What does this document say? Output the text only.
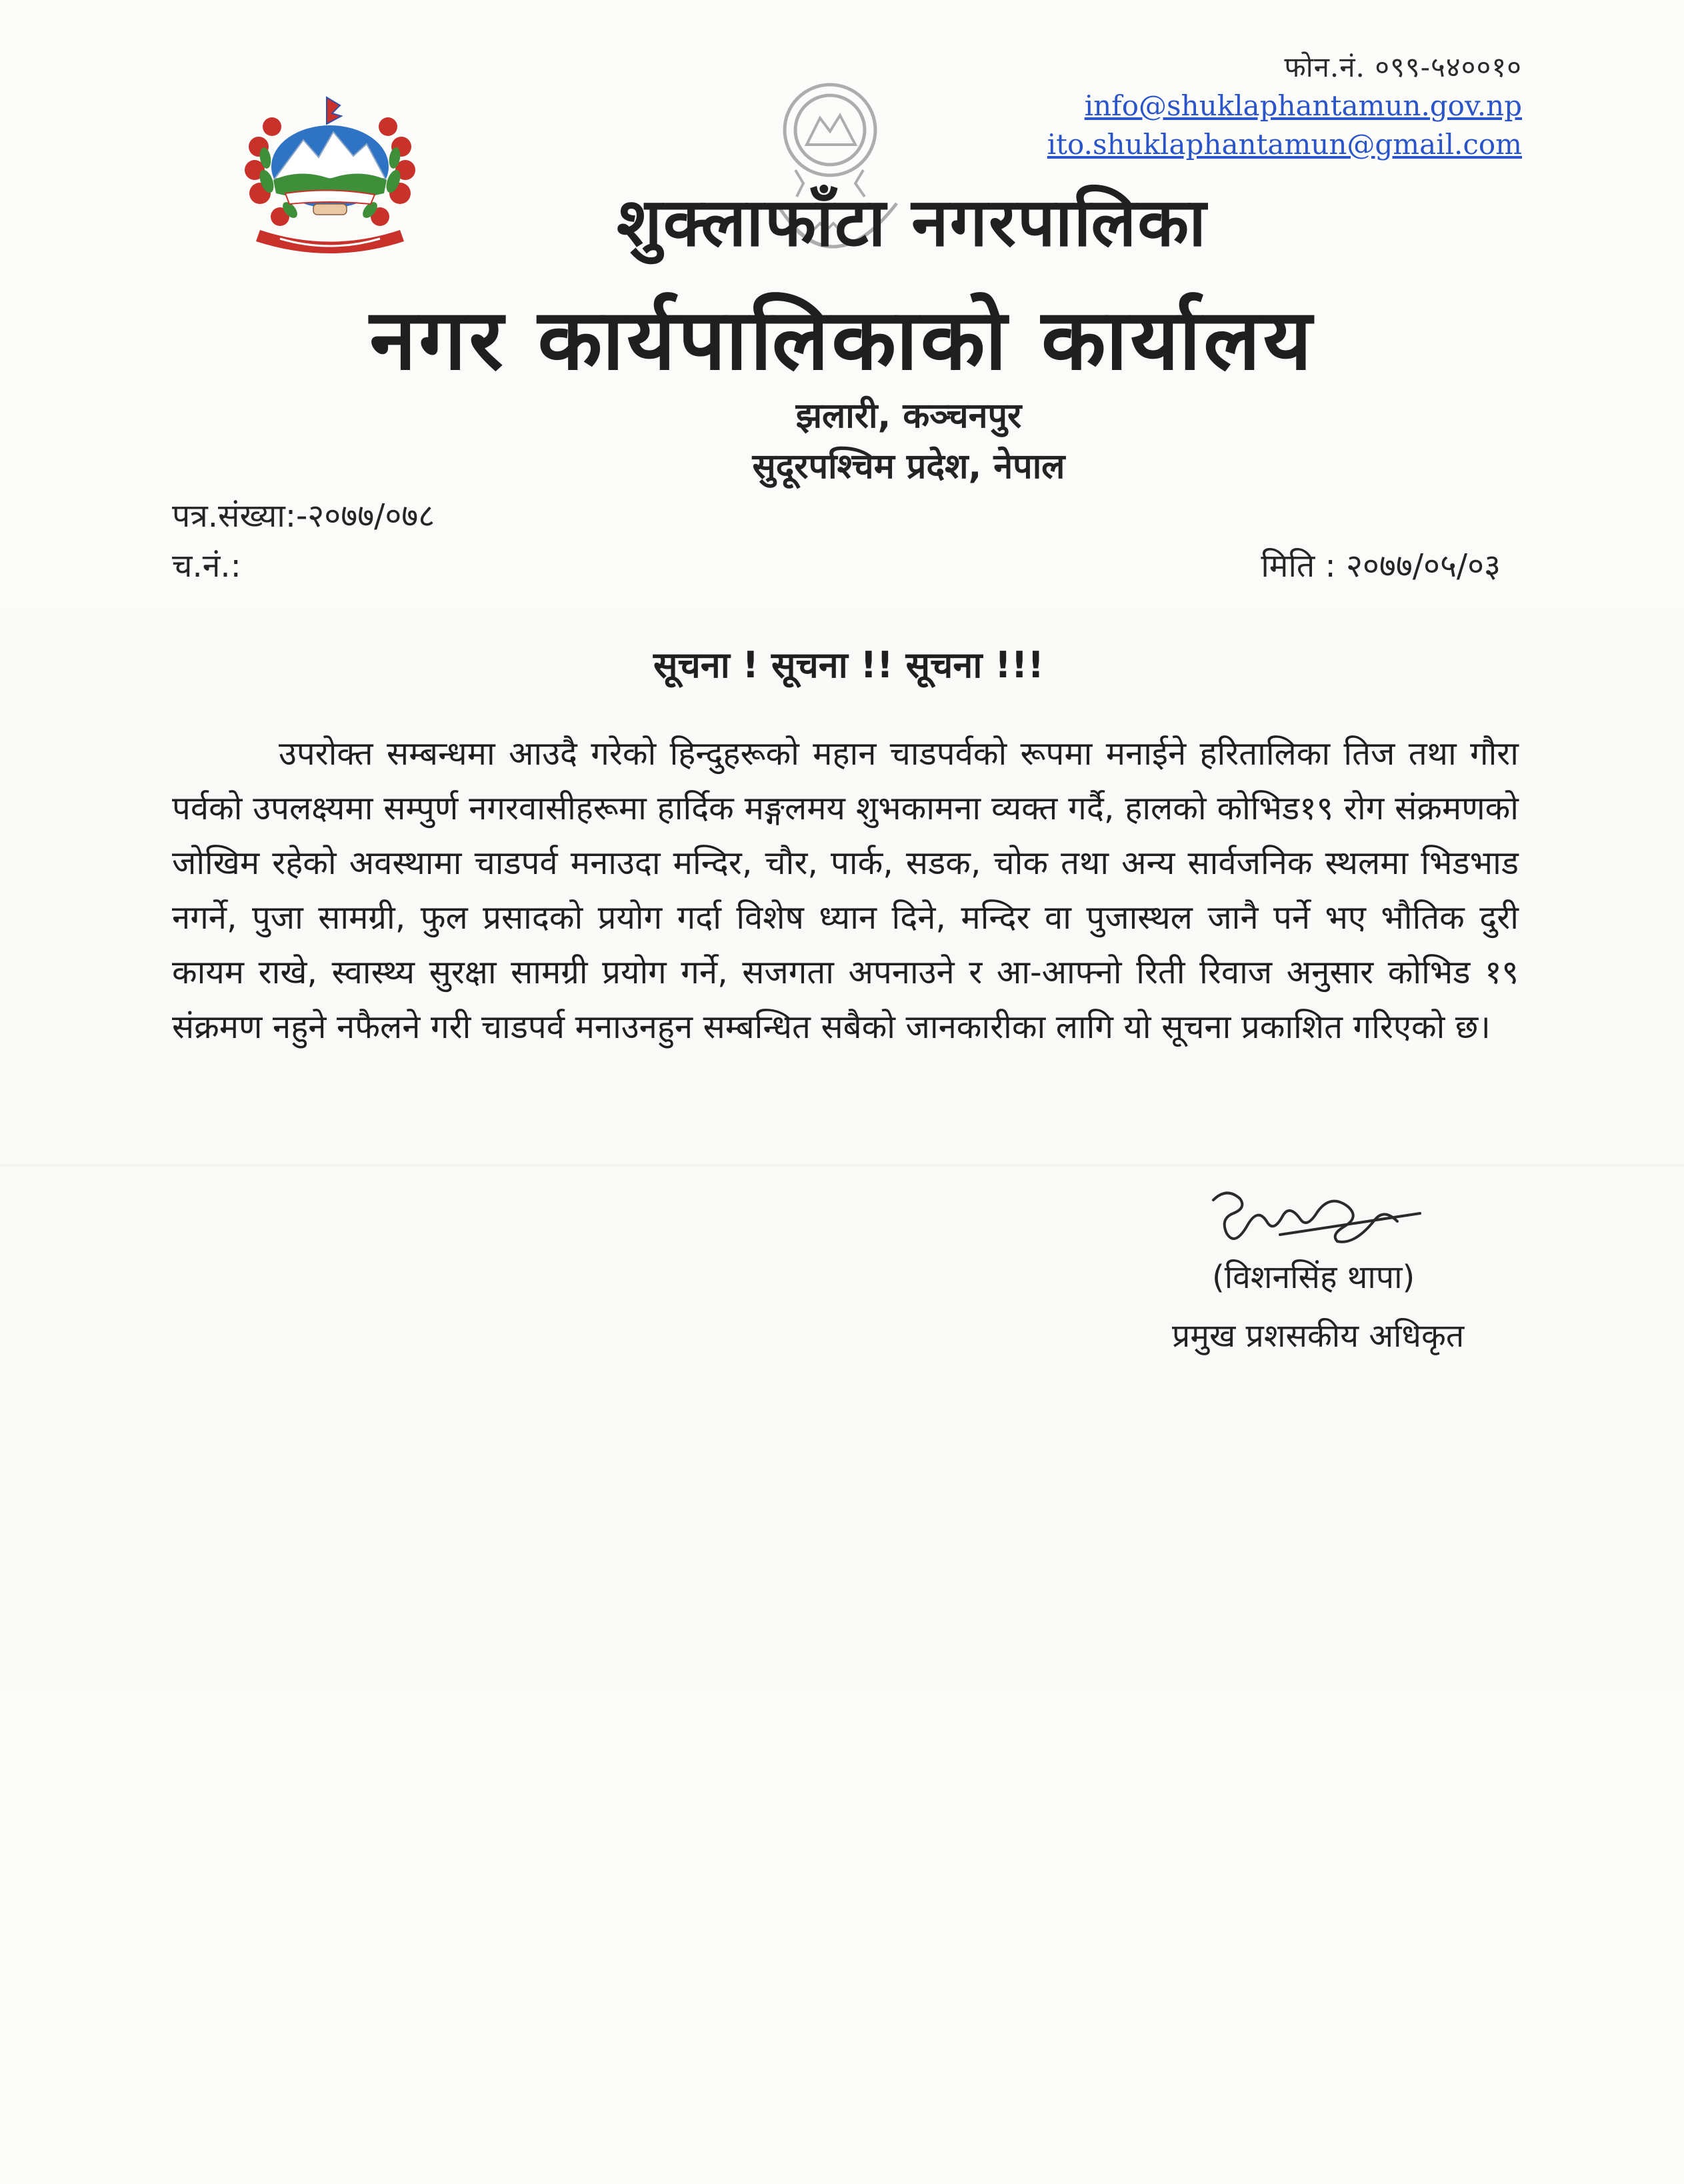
फोन.नं. ०९९-५४००१०
info@shuklaphantamun.gov.np
ito.shuklaphantamun@gmail.com
शुक्लाफाँटा नगरपालिका
नगर कार्यपालिकाको कार्यालय
झलारी, कञ्चनपुर
सुदूरपश्चिम प्रदेश, नेपाल
पत्र.संख्या:-२०७७/०७८
च.नं.:	मिति : २०७७/०५/०३
सूचना ! सूचना !! सूचना !!!

उपरोक्त सम्बन्धमा आउदै गरेको हिन्दुहरूको महान चाडपर्वको रूपमा मनाईने हरितालिका तिज तथा गौरा पर्वको उपलक्ष्यमा सम्पुर्ण नगरवासीहरूमा हार्दिक मङ्गलमय शुभकामना व्यक्त गर्दै, हालको कोभिड१९ रोग संक्रमणको जोखिम रहेको अवस्थामा चाडपर्व मनाउदा मन्दिर, चौर, पार्क, सडक, चोक तथा अन्य सार्वजनिक स्थलमा भिडभाड नगर्ने, पुजा सामग्री, फुल प्रसादको प्रयोग गर्दा विशेष ध्यान दिने, मन्दिर वा पुजास्थल जानै पर्ने भए भौतिक दुरी कायम राखे, स्वास्थ्य सुरक्षा सामग्री प्रयोग गर्ने, सजगता अपनाउने र आ-आफ्नो रिती रिवाज अनुसार कोभिड १९ संक्रमण नहुने नफैलने गरी चाडपर्व मनाउनहुन सम्बन्धित सबैको जानकारीका लागि यो सूचना प्रकाशित गरिएको छ।

(विशनसिंह थापा)
प्रमुख प्रशसकीय अधिकृत
